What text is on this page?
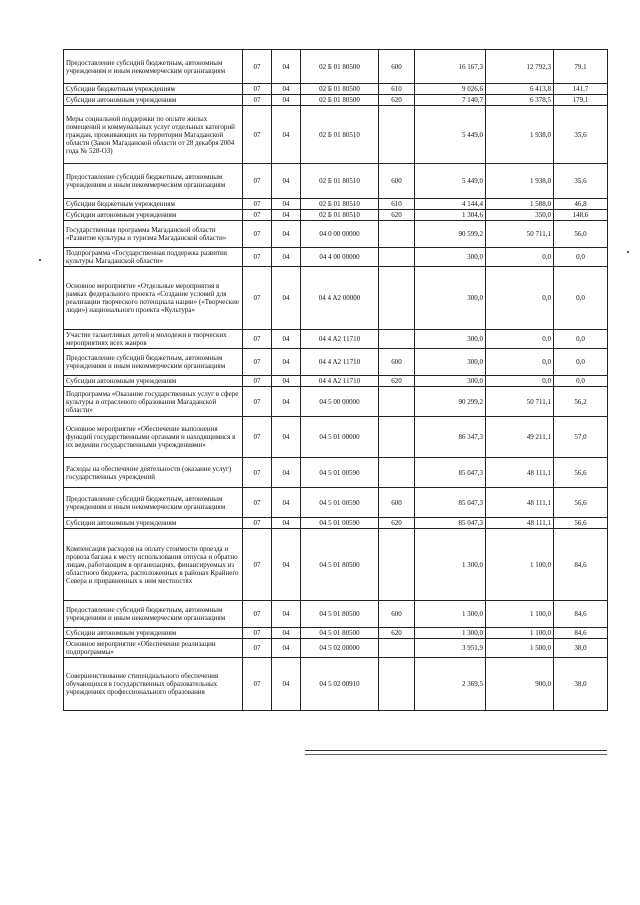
Предоставление субсидий бюджетным, автономным учреждениям и иным некоммерческим организациям	07	04	02 Б 01 80500	600	16 167,3	12 792,3	79,1
Субсидии бюджетным учреждениям	07	04	02 Б 01 80500	610	9 026,6	6 413,8	141,7
Субсидии автономным учреждениям	07	04	02 Б 01 80500	620	7 140,7	6 378,5	179,1
Меры социальной поддержки по оплате жилых помещений и коммунальных услуг отдельных категорий граждан, проживающих на территории Магаданской области (Закон Магаданской области от 28 декабря 2004 года № 528-ОЗ)	07	04	02 Б 01 80510		5 449,0	1 938,0	35,6
Предоставление субсидий бюджетным, автономным учреждениям и иным некоммерческим организациям	07	04	02 Б 01 80510	600	5 449,0	1 938,0	35,6
Субсидии бюджетным учреждениям	07	04	02 Б 01 80510	610	4 144,4	1 588,0	46,8
Субсидии автономным учреждениям	07	04	02 Б 01 80510	620	1 304,6	350,0	148,6
Государственная программа Магаданской области «Развитие культуры и туризма Магаданской области»	07	04	04 0 00 00000		90 599,2	50 711,1	56,0
Подпрограмма «Государственная поддержка развития культуры Магаданской области»	07	04	04 4 00 00000		300,0	0,0	0,0
Основное мероприятие «Отдельные мероприятия в рамках федерального проекта «Создание условий для реализации творческого потенциала нации» («Творческие люди») национального проекта «Культура»	07	04	04 4 A2 00000		300,0	0,0	0,0
Участие талантливых детей и молодежи в творческих мероприятиях всех жанров	07	04	04 4 A2 11710		300,0	0,0	0,0
Предоставление субсидий бюджетным, автономным учреждениям и иным некоммерческим организациям	07	04	04 4 A2 11710	600	300,0	0,0	0,0
Субсидии автономным учреждениям	07	04	04 4 A2 11710	620	300,0	0,0	0,0
Подпрограмма «Оказание государственных услуг в сфере культуры и отраслевого образования Магаданской области»	07	04	04 5 00 00000		90 299,2	50 711,1	56,2
Основное мероприятие «Обеспечение выполнения функций государственными органами и находящимися в их ведении государственными учреждениями»	07	04	04 5 01 00000		86 347,3	49 211,1	57,0
Расходы на обеспечение деятельности (оказание услуг) государственных учреждений	07	04	04 5 01 00590		85 047,3	48 111,1	56,6
Предоставление субсидий бюджетным, автономным учреждениям и иным некоммерческим организациям	07	04	04 5 01 00590	600	85 047,3	48 111,1	56,6
Субсидии автономным учреждениям	07	04	04 5 01 00590	620	85 047,3	48 111,1	56,6
Компенсация расходов на оплату стоимости проезда и провоза багажа к месту использования отпуска и обратно лицам, работающим в организациях, финансируемых из областного бюджета, расположенных в районах Крайнего Севера и приравненных к ним местностях	07	04	04 5 01 80500		1 300,0	1 100,0	84,6
Предоставление субсидий бюджетным, автономным учреждениям и иным некоммерческим организациям	07	04	04 5 01 80500	600	1 300,0	1 100,0	84,6
Субсидии автономным учреждениям	07	04	04 5 01 80500	620	1 300,0	1 100,0	84,6
Основное мероприятие «Обеспечение реализации подпрограммы»	07	04	04 5 02 00000		3 951,9	1 500,0	38,0
Совершенствование стипендиального обеспечения обучающихся в государственных образовательных учреждениях профессионального образования	07	04	04 5 02 00910		2 369,5	900,0	38,0
